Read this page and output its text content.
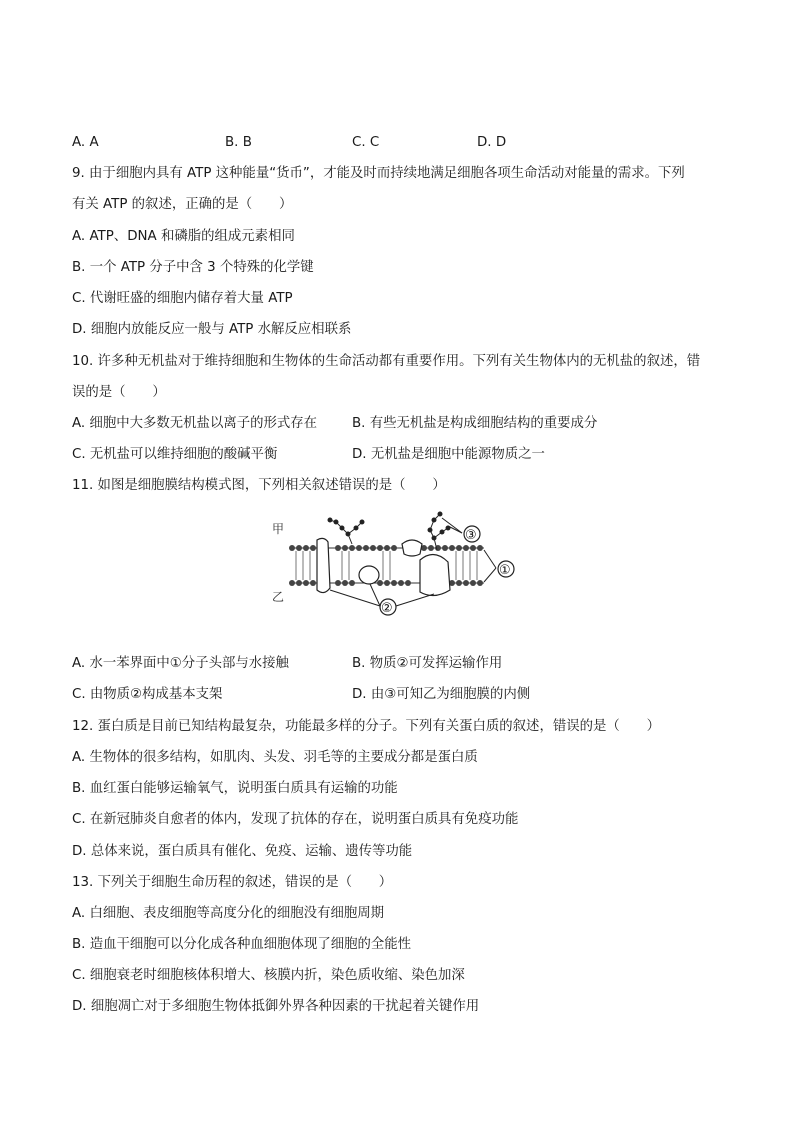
A. A	B. B	C. C	D. D
9. 由于细胞内具有 ATP 这种能量“货币”，才能及时而持续地满足细胞各项生命活动对能量的需求。下列
有关 ATP 的叙述，正确的是（　　）
A. ATP、DNA 和磷脂的组成元素相同
B. 一个 ATP 分子中含 3 个特殊的化学键
C. 代谢旺盛的细胞内储存着大量 ATP
D. 细胞内放能反应一般与 ATP 水解反应相联系
10. 许多种无机盐对于维持细胞和生物体的生命活动都有重要作用。下列有关生物体内的无机盐的叙述，错
误的是（　　）
A. 细胞中大多数无机盐以离子的形式存在	B. 有些无机盐是构成细胞结构的重要成分
C. 无机盐可以维持细胞的酸碱平衡	D. 无机盐是细胞中能源物质之一
11. 如图是细胞膜结构模式图，下列相关叙述错误的是（　　）
甲
乙
③
①
②
A. 水一苯界面中①分子头部与水接触	B. 物质②可发挥运输作用
C. 由物质②构成基本支架	D. 由③可知乙为细胞膜的内侧
12. 蛋白质是目前已知结构最复杂，功能最多样的分子。下列有关蛋白质的叙述，错误的是（　　）
A. 生物体的很多结构，如肌肉、头发、羽毛等的主要成分都是蛋白质
B. 血红蛋白能够运输氧气，说明蛋白质具有运输的功能
C. 在新冠肺炎自愈者的体内，发现了抗体的存在，说明蛋白质具有免疫功能
D. 总体来说，蛋白质具有催化、免疫、运输、遗传等功能
13. 下列关于细胞生命历程的叙述，错误的是（　　）
A. 白细胞、表皮细胞等高度分化的细胞没有细胞周期
B. 造血干细胞可以分化成各种血细胞体现了细胞的全能性
C. 细胞衰老时细胞核体积增大、核膜内折，染色质收缩、染色加深
D. 细胞凋亡对于多细胞生物体抵御外界各种因素的干扰起着关键作用
